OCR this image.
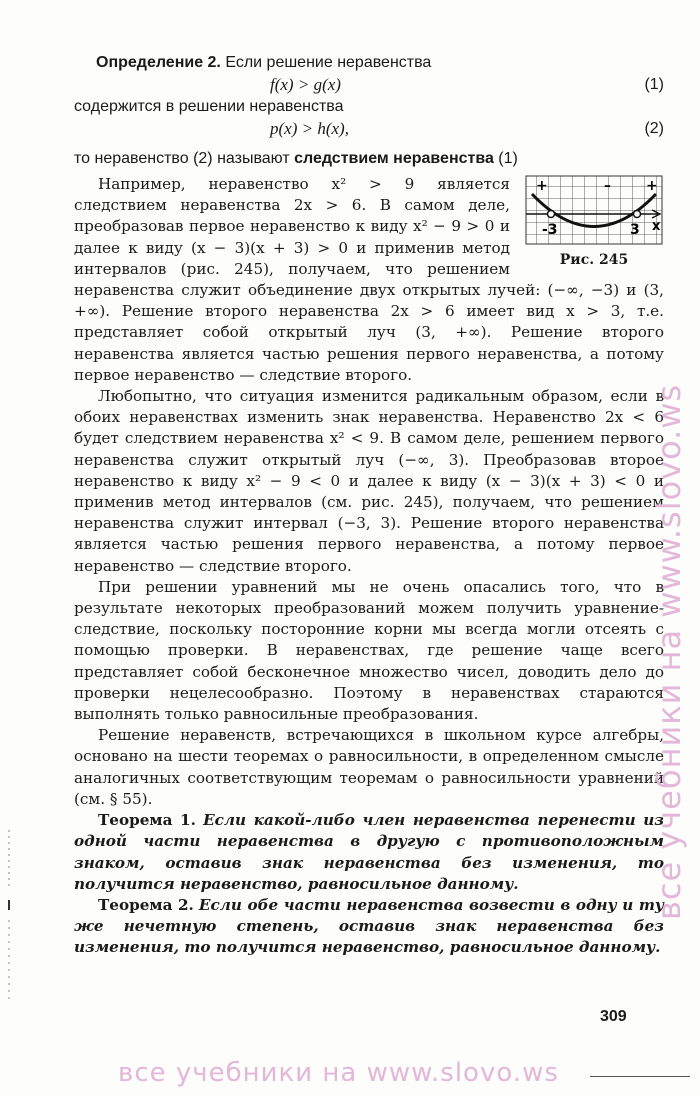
Определение 2. Если решение неравенства
f(x) > g(x)	(1)
содержится в решении неравенства
p(x) > h(x),	(2)
то неравенство (2) называют следствием неравенства (1)
+	–	+
-3	3 x
Рис. 245

Например, неравенство x² > 9 является следствием неравенства 2x > 6. В самом деле, преобразовав первое неравенство к виду x² − 9 > 0 и далее к виду (x − 3)(x + 3) > 0 и применив метод интервалов (рис. 245), получаем, что решением неравенства служит объединение двух открытых лучей: (−∞, −3) и (3, +∞). Решение второго неравенства 2x > 6 имеет вид x > 3, т.е. представляет собой открытый луч (3, +∞). Решение второго неравенства является частью решения первого неравенства, а потому первое неравенство — следствие второго.

Любопытно, что ситуация изменится радикальным образом, если в обоих неравенствах изменить знак неравенства. Неравенство 2x < 6 будет следствием неравенства x² < 9. В самом деле, решением первого неравенства служит открытый луч (−∞, 3). Преобразовав второе неравенство к виду x² − 9 < 0 и далее к виду (x − 3)(x + 3) < 0 и применив метод интервалов (см. рис. 245), получаем, что решением неравенства служит интервал (−3, 3). Решение второго неравенства является частью решения первого неравенства, а потому первое неравенство — следствие второго.

При решении уравнений мы не очень опасались того, что в результате некоторых преобразований можем получить уравнение-следствие, поскольку посторонние корни мы всегда могли отсеять с помощью проверки. В неравенствах, где решение чаще всего представляет собой бесконечное множество чисел, доводить дело до проверки нецелесообразно. Поэтому в неравенствах стараются выполнять только равносильные преобразования.

Решение неравенств, встречающихся в школьном курсе алгебры, основано на шести теоремах о равносильности, в определенном смысле аналогичных соответствующим теоремам о равносильности уравнений (см. § 55).

Теорема 1. Если какой-либо член неравенства перенести из одной части неравенства в другую с противоположным знаком, оставив знак неравенства без изменения, то получится неравенство, равносильное данному.

Теорема 2. Если обе части неравенства возвести в одну и ту же нечетную степень, оставив знак неравенства без изменения, то получится неравенство, равносильное данному.

309
все учебники на www.slovo.ws
все учебники на www.slovo.ws
